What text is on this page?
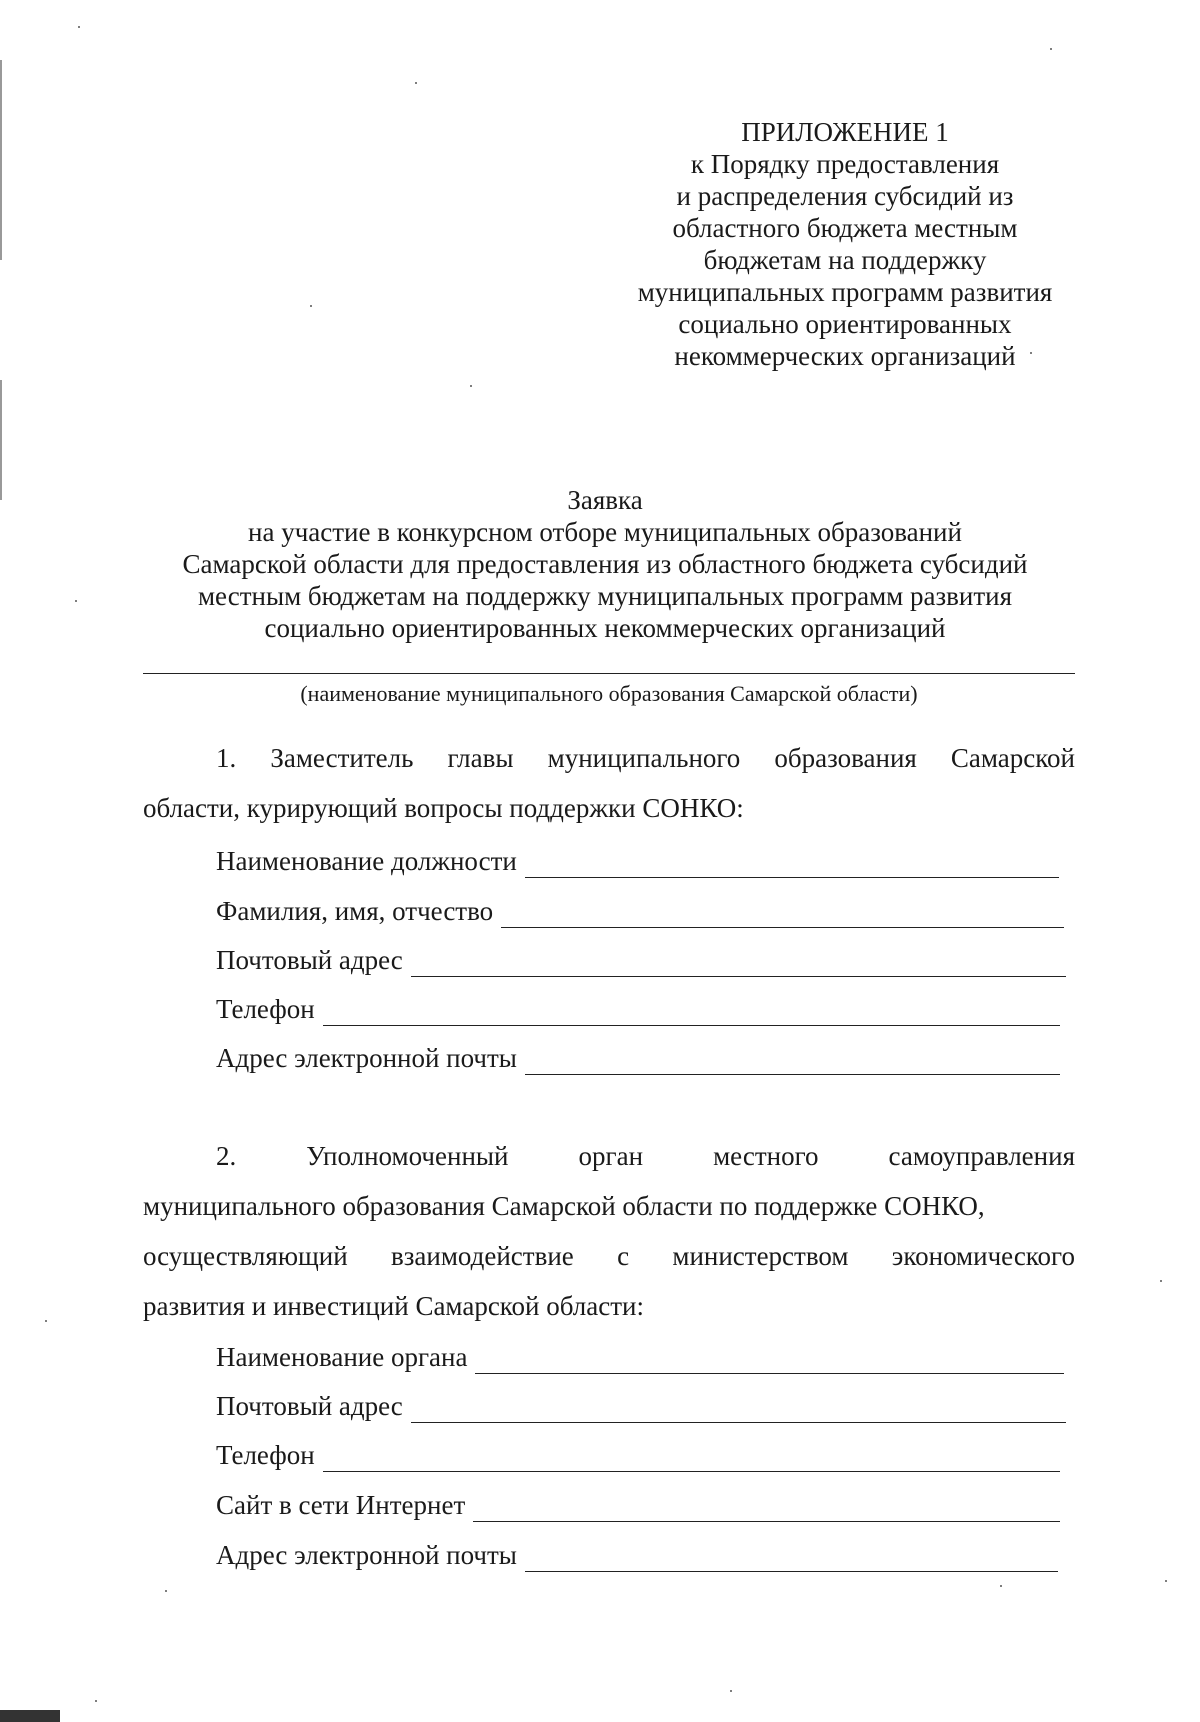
ПРИЛОЖЕНИЕ 1
к Порядку предоставления
и распределения субсидий из
областного бюджета местным
бюджетам на поддержку
муниципальных программ развития
социально ориентированных
некоммерческих организаций
Заявка
на участие в конкурсном отборе муниципальных образований
Самарской области для предоставления из областного бюджета субсидий
местным бюджетам на поддержку муниципальных программ развития
социально ориентированных некоммерческих организаций
(наименование муниципального образования Самарской области)
1. Заместитель главы муниципального образования Самарской
области, курирующий вопросы поддержки СОНКО:
Наименование должности
Фамилия, имя, отчество
Почтовый адрес
Телефон
Адрес электронной почты
2.	Уполномоченный	орган	местного	самоуправления
муниципального образования Самарской области по поддержке СОНКО,
осуществляющий взаимодействие с министерством экономического
развития и инвестиций Самарской области:
Наименование органа
Почтовый адрес
Телефон
Сайт в сети Интернет
Адрес электронной почты
